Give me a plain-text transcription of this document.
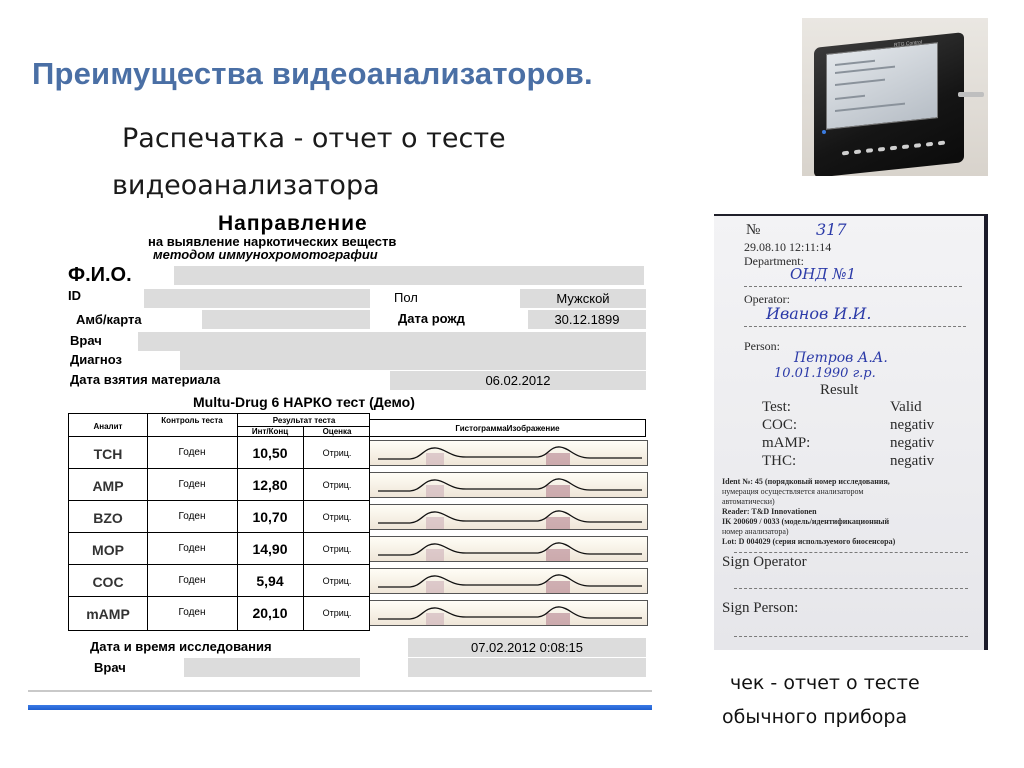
Преимущества видеоанализаторов.
Распечатка - отчет о тесте
видеоанализатора
RTG Control
Направление
на выявление наркотических веществ
методом иммунохромотографии
Ф.И.О.
ID	Пол	Мужской
Амб/карта	Дата рожд	30.12.1899
Врач
Диагноз
Дата взятия материала	06.02.2012
Multu-Drug 6 НАРКО тест (Демо)
Аналит
Контроль теста	Результат теста
Инт/Конц	Оценка
TCH	Годен	10,50	Отриц.
AMP	Годен	12,80	Отриц.
BZO	Годен	10,70	Отриц.
MOP	Годен	14,90	Отриц.
COC	Годен	5,94	Отриц.
mAMP	Годен	20,10	Отриц.
ГистограммаИзображение
Дата и время исследования	07.02.2012 0:08:15
Врач
№	317
29.08.10 12:11:14
Department:
ОНД №1
Operator:
Иванов И.И.
Person:
Петров А.А.
10.01.1990 г.р.
Result
Test:	Valid
COC:	negativ
mAMP:	negativ
THC:	negativ
Ident №: 45 (порядковый номер исследования,
нумерация осуществляется анализатором
автоматически)
Reader: T&D Innovationen
IK 200609 / 0033 (модель/идентификационный
номер анализатора)
Lot: D 004029 (серия используемого биосенсора)
Sign Operator
Sign Person:
чек - отчет о тесте
обычного прибора
